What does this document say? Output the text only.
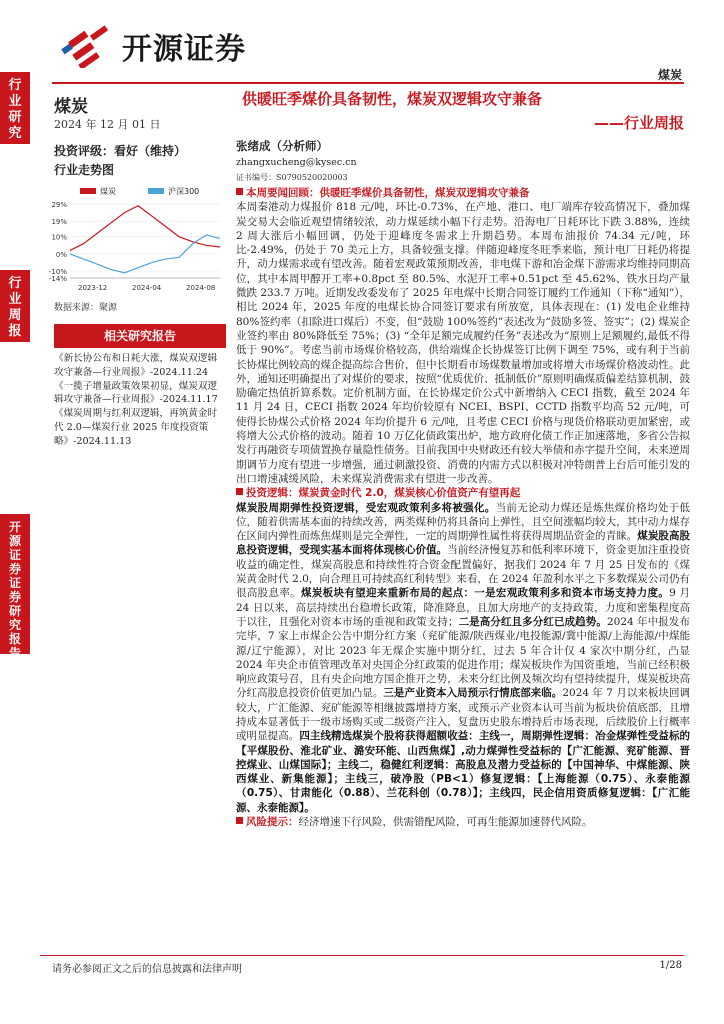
开源证券
煤炭
行业研究
行业周报
开源证券证券研究报告
煤炭
2024 年 12 月 01 日
投资评级：看好（维持）
行业走势图
煤炭	沪深300
29%
19%
10%
0%
-10%
-14%
2023-12	2024-04	2024-08
数据来源：聚源
相关研究报告

《新长协公布和日耗大涨，煤炭双逻辑攻守兼备—行业周报》-2024.11.24

《一揽子增量政策效果初显，煤炭双逻辑攻守兼备—行业周报》-2024.11.17

《煤炭周期与红利双逻辑，再筑黄金时代 2.0—煤炭行业 2025 年度投资策略》-2024.11.13

供暖旺季煤价具备韧性，煤炭双逻辑攻守兼备
——行业周报
张绪成（分析师）
zhangxucheng@kysec.cn
证书编号：S0790520020003

本周要闻回顾：供暖旺季煤价具备韧性，煤炭双逻辑攻守兼备

本周秦港动力煤报价 818 元/吨，环比-0.73%，在产地、港口、电厂端库存较高情况下，叠加煤炭交易大会临近观望情绪较浓，动力煤延续小幅下行走势。沿海电厂日耗环比下跌 3.88%，连续 2 周大涨后小幅回调，仍处于迎峰度冬需求上升期趋势。本周布油报价 74.34 元/吨，环比-2.49%，仍处于 70 美元上方，具备较强支撑。伴随迎峰度冬旺季来临，预计电厂日耗仍将提升，动力煤需求或有望改善。随着宏观政策预期改善，非电煤下游和冶金煤下游需求均维持同期高位，其中本周甲醇开工率+0.8pct 至 80.5%、水泥开工率+0.51pct 至 45.62%、铁水日均产量微跌 233.7 万吨。近期发改委发布了 2025 年电煤中长期合同签订履约工作通知（下称“通知”），相比 2024 年，2025 年度的电煤长协合同签订要求有所放宽，具体表现在：(1) 发电企业维持 80%签约率（扣除进口煤后）不变，但“鼓励 100%签约”表述改为“鼓励多签、签实”；(2) 煤炭企业签约率由 80%降低至 75%；(3) “全年足额完成履约任务”表述改为“原则上足额履约,最低不得低于 90%”。考虑当前市场煤价格较高，供给端煤企长协煤签订比例下调至 75%，或有利于当前长协煤比例较高的煤企提高综合售价，但中长期看市场煤数量增加或将增大市场煤价格波动性。此外，通知还明确提出了对煤价的要求，按照“优质优价、抵制低价”原则明确煤质偏差结算机制，鼓励确定热值折算系数。定价机制方面，在长协煤定价公式中新增纳入 CECI 指数，截至 2024 年 11 月 24 日，CECI 指数 2024 年均价较原有 NCEI、BSPI、CCTD 指数平均高 52 元/吨，可使得长协煤公式价格 2024 年均价提升 6 元/吨，且考虑 CECI 价格与现货价格联动更加紧密，或将增大公式价格的波动。随着 10 万亿化债政策出炉，地方政府化债工作正加速落地，多省公告拟发行再融资专项债置换存量隐性债务。目前我国中央财政还有较大举债和赤字提升空间，未来逆周期调节力度有望进一步增强，通过刺激投资、消费的内需方式以积极对冲特朗普上台后可能引发的出口增速减缓风险，未来煤炭消费需求有望进一步改善。

投资逻辑：煤炭黄金时代 2.0，煤炭核心价值资产有望再起

煤炭股周期弹性投资逻辑，受宏观政策利多将被强化。当前无论动力煤还是炼焦煤价格均处于低位，随着供需基本面的持续改善，两类煤种仍将具备向上弹性，且空间涨幅均较大，其中动力煤存在区间内弹性而炼焦煤则是完全弹性，一定的周期弹性属性将获得周期品资金的青睐。煤炭股高股息投资逻辑，受现实基本面将体现核心价值。当前经济慢复苏和低利率环境下，资金更加注重投资收益的确定性，煤炭高股息和持续性符合资金配置偏好，据我们 2024 年 7 月 25 日发布的《煤炭黄金时代 2.0，向合理且可持续高红利转型》来看，在 2024 年盈利水平之下多数煤炭公司仍有很高股息率。煤炭板块有望迎来重新布局的起点：一是宏观政策利多和资本市场支持力度。9 月 24 日以来，高层持续出台稳增长政策，降准降息，且加大房地产的支持政策，力度和密集程度高于以往，且强化对资本市场的重视和政策支持；二是高分红且多分红已成趋势。2024 年中报发布完毕，7 家上市煤企公告中期分红方案（兖矿能源/陕西煤业/电投能源/冀中能源/上海能源/中煤能源/辽宁能源），对比 2023 年无煤企实施中期分红，过去 5 年合计仅 4 家次中期分红，凸显 2024 年央企市值管理改革对央国企分红政策的促进作用；煤炭板块作为国资重地，当前已经积极响应政策号召，且有央企向地方国企推开之势，未来分红比例及频次均有望持续提升，煤炭板块高分红高股息投资价值更加凸显。三是产业资本入局预示行情底部来临。2024 年 7 月以来板块回调较大，广汇能源、兖矿能源等相继披露增持方案，或预示产业资本认可当前为板块价值底部，且增持成本显著低于一级市场购买或二级资产注入，复盘历史股东增持后市场表现，后续股价上行概率或明显提高。四主线精选煤炭个股将获得超额收益：主线一，周期弹性逻辑：冶金煤弹性受益标的【平煤股份、淮北矿业、潞安环能、山西焦煤】,动力煤弹性受益标的【广汇能源、兖矿能源、晋控煤业、山煤国际】；主线二，稳健红利逻辑：高股息及潜力受益标的【中国神华、中煤能源、陕西煤业、新集能源】；主线三，破净股（PB<1）修复逻辑：【上海能源（0.75）、永泰能源（0.75）、甘肃能化（0.88）、兰花科创（0.78）】；主线四，民企信用资质修复逻辑：【广汇能源、永泰能源】。

风险提示：经济增速下行风险，供需错配风险，可再生能源加速替代风险。

请务必参阅正文之后的信息披露和法律声明	1/28
